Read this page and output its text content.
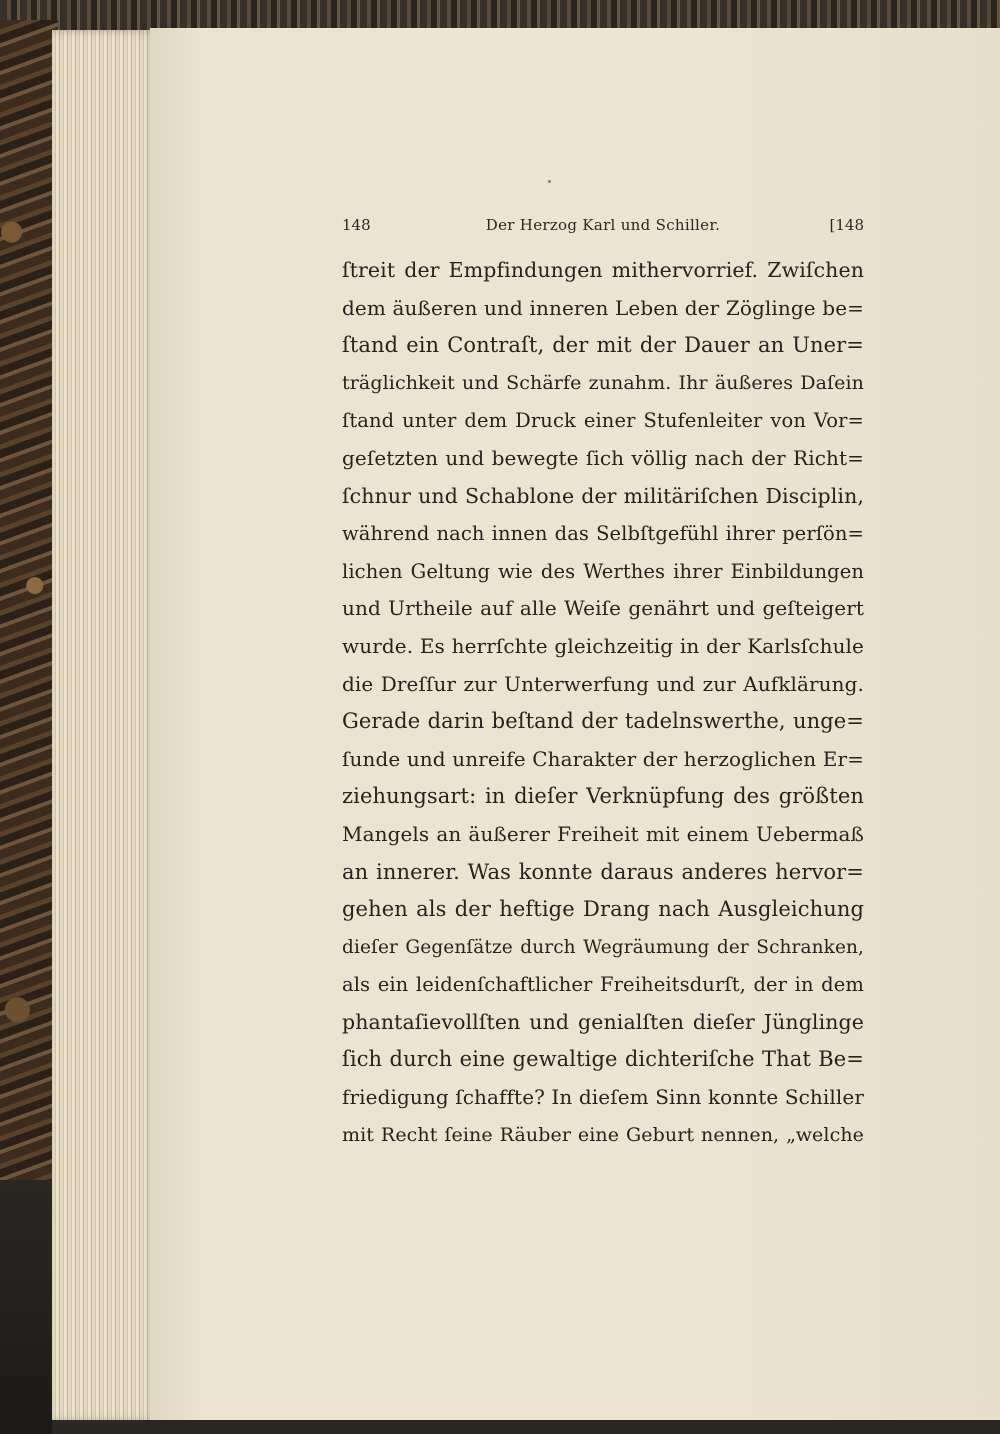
148	Der Herzog Karl und Schiller.	[148
ſtreit der Empfindungen mithervorrief. Zwiſchen
dem äußeren und inneren Leben der Zöglinge be=
ſtand ein Contraſt, der mit der Dauer an Uner=
träglichkeit und Schärfe zunahm. Ihr äußeres Daſein
ſtand unter dem Druck einer Stufenleiter von Vor=
geſetzten und bewegte ſich völlig nach der Richt=
ſchnur und Schablone der militäriſchen Disciplin,
während nach innen das Selbſtgefühl ihrer perſön=
lichen Geltung wie des Werthes ihrer Einbildungen
und Urtheile auf alle Weiſe genährt und geſteigert
wurde. Es herrſchte gleichzeitig in der Karlsſchule
die Dreſſur zur Unterwerfung und zur Aufklärung.
Gerade darin beſtand der tadelnswerthe, unge=
ſunde und unreife Charakter der herzoglichen Er=
ziehungsart: in dieſer Verknüpfung des größten
Mangels an äußerer Freiheit mit einem Uebermaß
an innerer. Was konnte daraus anderes hervor=
gehen als der heftige Drang nach Ausgleichung
dieſer Gegenſätze durch Wegräumung der Schranken,
als ein leidenſchaftlicher Freiheitsdurſt, der in dem
phantaſievollſten und genialſten dieſer Jünglinge
ſich durch eine gewaltige dichteriſche That Be=
friedigung ſchaffte? In dieſem Sinn konnte Schiller
mit Recht ſeine Räuber eine Geburt nennen, „welche
